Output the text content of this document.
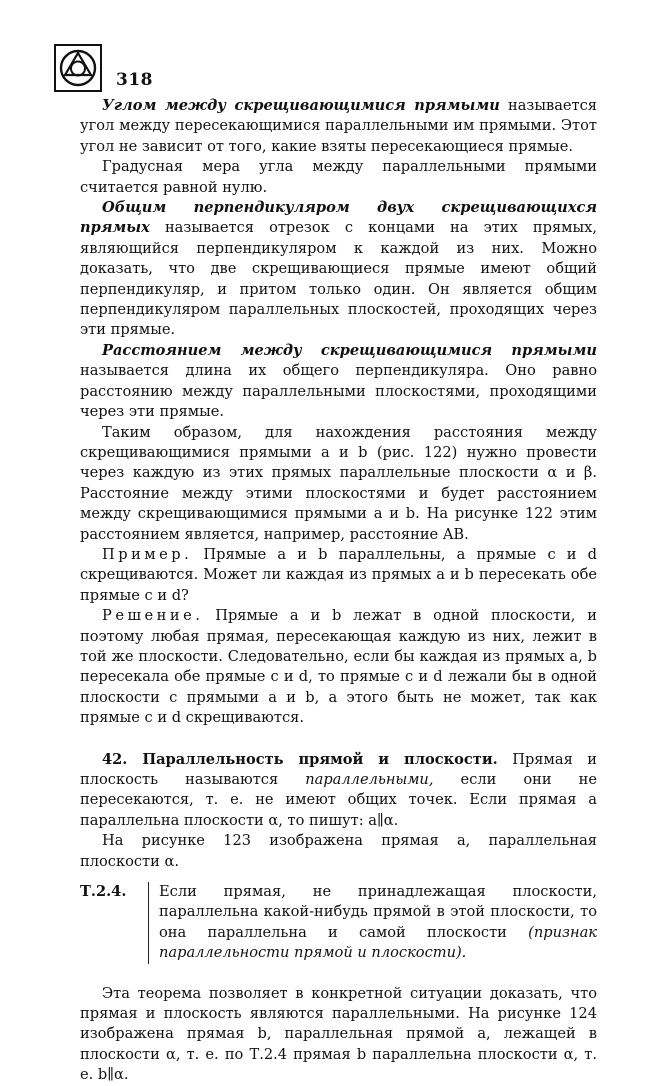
318

Углом между скрещивающимися прямыми называется угол между пересекающимися параллельными им прямыми. Этот угол не зависит от того, какие взяты пересекающиеся прямые.

Градусная мера угла между параллельными прямыми считается равной нулю.

Общим перпендикуляром двух скрещивающихся прямых называется отрезок с концами на этих прямых, являющийся перпендикуляром к каждой из них. Можно доказать, что две скрещивающиеся прямые имеют общий перпендикуляр, и притом только один. Он является общим перпендикуляром параллельных плоскостей, проходящих через эти прямые.

Расстоянием между скрещивающимися прямыми называется длина их общего перпендикуляра. Оно равно расстоянию между параллельными плоскостями, проходящими через эти прямые.

Таким образом, для нахождения расстояния между скрещивающимися прямыми a и b (рис. 122) нужно провести через каждую из этих прямых параллельные плоскости α и β. Расстояние между этими плоскостями и будет расстоянием между скрещивающимися прямыми a и b. На рисунке 122 этим расстоянием является, например, расстояние AB.

Пример. Прямые a и b параллельны, а прямые c и d скрещиваются. Может ли каждая из прямых a и b пересекать обе прямые c и d?

Решение. Прямые a и b лежат в одной плоскости, и поэтому любая прямая, пересекающая каждую из них, лежит в той же плоскости. Следовательно, если бы каждая из прямых a, b пересекала обе прямые c и d, то прямые c и d лежали бы в одной плоскости с прямыми a и b, а этого быть не может, так как прямые c и d скрещиваются.

42. Параллельность прямой и плоскости. Прямая и плоскость называются параллельными, если они не пересекаются, т. е. не имеют общих точек. Если прямая a параллельна плоскости α, то пишут: a∥α.

На рисунке 123 изображена прямая a, параллельная плоскости α.

Т.2.4.	Если прямая, не принадлежащая плоскости, параллельна какой-нибудь прямой в этой плоскости, то она параллельна и самой плоскости (признак параллельности прямой и плоскости).

Эта теорема позволяет в конкретной ситуации доказать, что прямая и плоскость являются параллельными. На рисунке 124 изображена прямая b, параллельная прямой a, лежащей в плоскости α, т. е. по Т.2.4 прямая b параллельна плоскости α, т. е. b∥α.
